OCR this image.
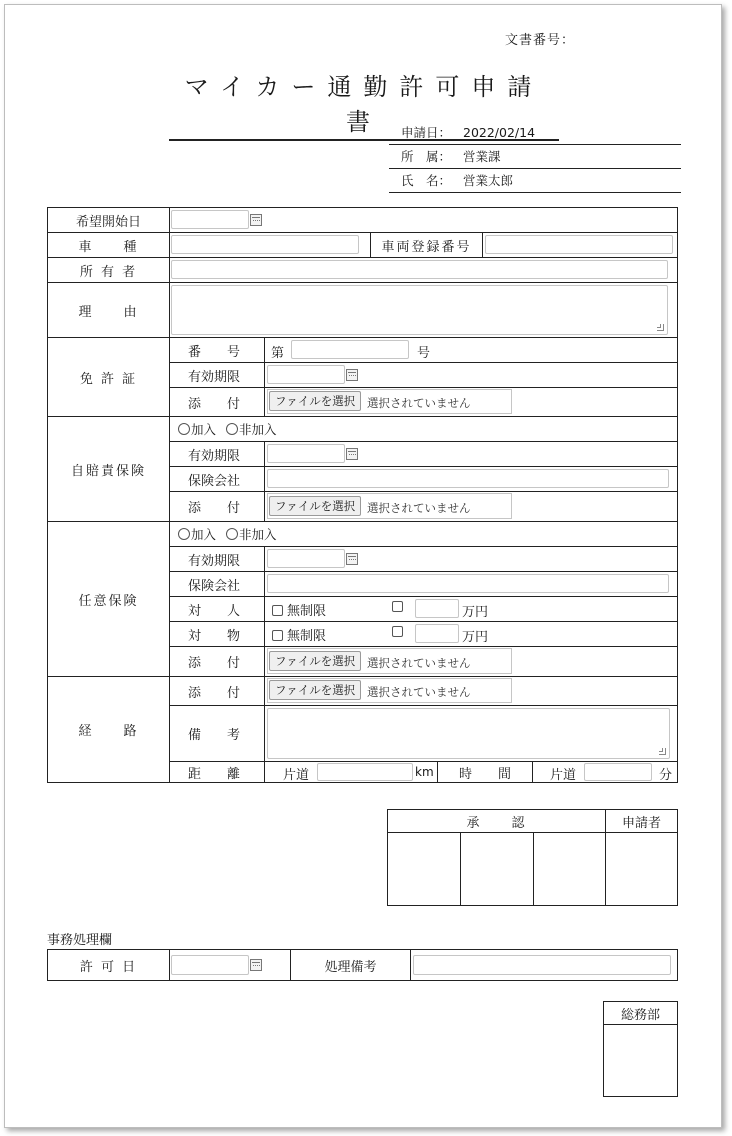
文書番号：
マイカー通勤許可申請書	申請日： 2022/02/14
所　属： 営業課
氏　名： 営業太郎
希望開始日
車　　種	車両登録番号
所 有 者
理　　由
免 許 証
番　　号 第	号
有効期限
添　　付	ファイルを選択	選択されていません
自賠責保険
加入 非加入
有効期限
保険会社
添　　付	ファイルを選択	選択されていません
任意保険
加入 非加入
有効期限
保険会社
対　　人	無制限	万円
対　　物	無制限	万円
添　　付	ファイルを選択	選択されていません
経　　路
添　　付	ファイルを選択	選択されていません
備　　考
距　　離	片道	km 時　　間	片道	分
承　　認	申請者
事務処理欄
許 可 日	処理備考
総務部
